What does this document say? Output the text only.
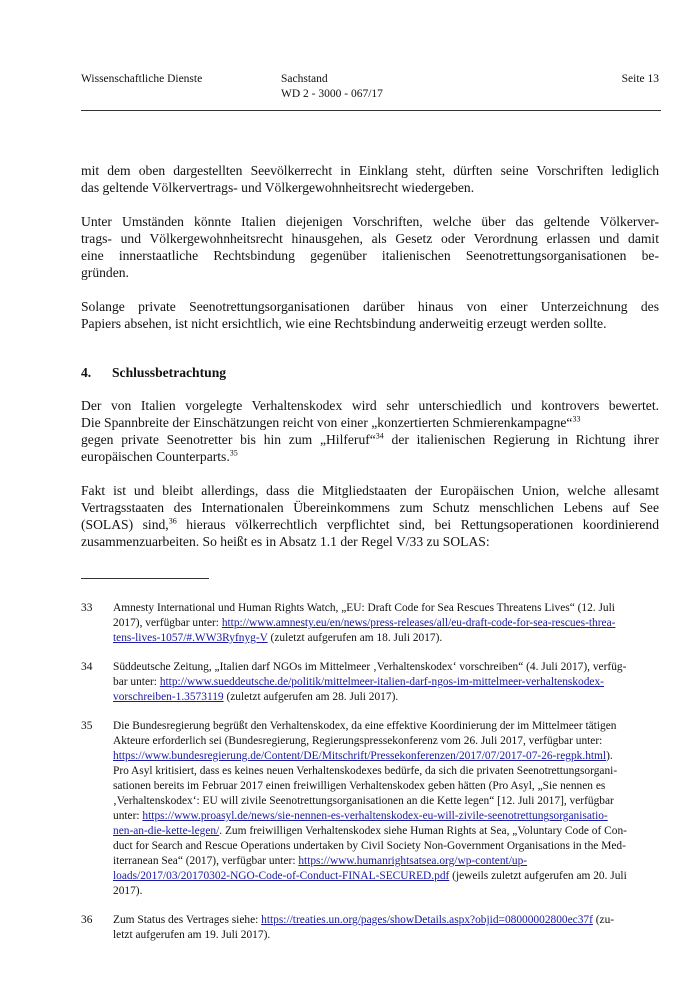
Wissenschaftliche Dienste	Sachstand
WD 2 - 3000 - 067/17
Seite 13

mit dem oben dargestellten Seevölkerrecht in Einklang steht, dürften seine Vorschriften lediglich
das geltende Völkervertrags- und Völkergewohnheitsrecht wiedergeben.

Unter Umständen könnte Italien diejenigen Vorschriften, welche über das geltende Völkerver-
trags- und Völkergewohnheitsrecht hinausgehen, als Gesetz oder Verordnung erlassen und damit
eine innerstaatliche Rechtsbindung gegenüber italienischen Seenotrettungsorganisationen be-
gründen.

Solange private Seenotrettungsorganisationen darüber hinaus von einer Unterzeichnung des
Papiers absehen, ist nicht ersichtlich, wie eine Rechtsbindung anderweitig erzeugt werden sollte.

4. Schlussbetrachtung

Der von Italien vorgelegte Verhaltenskodex wird sehr unterschiedlich und kontrovers bewertet.
Die Spannbreite der Einschätzungen reicht von einer „konzertierten Schmierenkampagne“$^{33}$
gegen private Seenotretter bis hin zum „Hilferuf“$^{34}$ der italienischen Regierung in Richtung ihrer
europäischen Counterparts.$^{35}$

Fakt ist und bleibt allerdings, dass die Mitgliedstaaten der Europäischen Union, welche allesamt
Vertragsstaaten des Internationalen Übereinkommens zum Schutz menschlichen Lebens auf See
(SOLAS) sind,$^{36}$ hieraus völkerrechtlich verpflichtet sind, bei Rettungsoperationen koordinierend
zusammenzuarbeiten. So heißt es in Absatz 1.1 der Regel V/33 zu SOLAS:

33 Amnesty International und Human Rights Watch, „EU: Draft Code for Sea Rescues Threatens Lives“ (12. Juli
2017), verfügbar unter: http://www.amnesty.eu/en/news/press-releases/all/eu-draft-code-for-sea-rescues-threa-
tens-lives-1057/#.WW3Ryfnyg-V (zuletzt aufgerufen am 18. Juli 2017).
34 Süddeutsche Zeitung, „Italien darf NGOs im Mittelmeer ‚Verhaltenskodex‘ vorschreiben“ (4. Juli 2017), verfüg-
bar unter: http://www.sueddeutsche.de/politik/mittelmeer-italien-darf-ngos-im-mittelmeer-verhaltenskodex-
vorschreiben-1.3573119 (zuletzt aufgerufen am 28. Juli 2017).
35 Die Bundesregierung begrüßt den Verhaltenskodex, da eine effektive Koordinierung der im Mittelmeer tätigen
Akteure erforderlich sei (Bundesregierung, Regierungspressekonferenz vom 26. Juli 2017, verfügbar unter:
https://www.bundesregierung.de/Content/DE/Mitschrift/Pressekonferenzen/2017/07/2017-07-26-regpk.html).
Pro Asyl kritisiert, dass es keines neuen Verhaltenskodexes bedürfe, da sich die privaten Seenotrettungsorgani-
sationen bereits im Februar 2017 einen freiwilligen Verhaltenskodex geben hätten (Pro Asyl, „Sie nennen es
‚Verhaltenskodex‘: EU will zivile Seenotrettungsorganisationen an die Kette legen“ [12. Juli 2017], verfügbar
unter: https://www.proasyl.de/news/sie-nennen-es-verhaltenskodex-eu-will-zivile-seenotrettungsorganisatio-
nen-an-die-kette-legen/. Zum freiwilligen Verhaltenskodex siehe Human Rights at Sea, „Voluntary Code of Con-
duct for Search and Rescue Operations undertaken by Civil Society Non-Government Organisations in the Med-
iterranean Sea“ (2017), verfügbar unter: https://www.humanrightsatsea.org/wp-content/up-
loads/2017/03/20170302-NGO-Code-of-Conduct-FINAL-SECURED.pdf (jeweils zuletzt aufgerufen am 20. Juli
2017).
36 Zum Status des Vertrages siehe: https://treaties.un.org/pages/showDetails.aspx?objid=08000002800ec37f (zu-
letzt aufgerufen am 19. Juli 2017).
